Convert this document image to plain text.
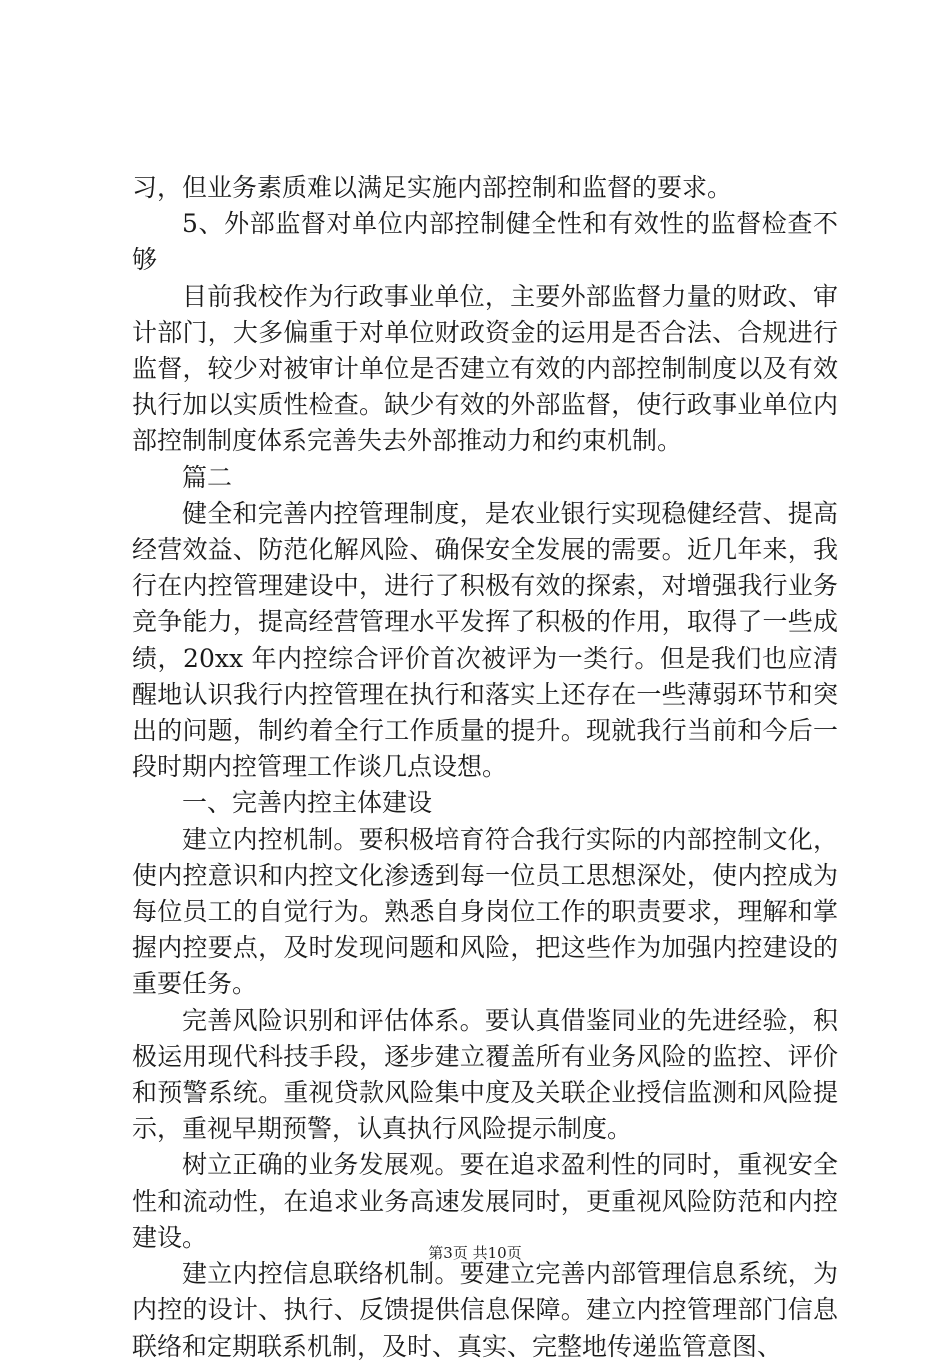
习，但业务素质难以满足实施内部控制和监督的要求。

5、外部监督对单位内部控制健全性和有效性的监督检查不够

目前我校作为行政事业单位，主要外部监督力量的财政、审计部门，大多偏重于对单位财政资金的运用是否合法、合规进行监督，较少对被审计单位是否建立有效的内部控制制度以及有效执行加以实质性检查。缺少有效的外部监督，使行政事业单位内部控制制度体系完善失去外部推动力和约束机制。

篇二

健全和完善内控管理制度，是农业银行实现稳健经营、提高经营效益、防范化解风险、确保安全发展的需要。近几年来，我行在内控管理建设中，进行了积极有效的探索，对增强我行业务竞争能力，提高经营管理水平发挥了积极的作用，取得了一些成绩，20xx 年内控综合评价首次被评为一类行。但是我们也应清醒地认识我行内控管理在执行和落实上还存在一些薄弱环节和突出的问题，制约着全行工作质量的提升。现就我行当前和今后一段时期内控管理工作谈几点设想。

一、完善内控主体建设

建立内控机制。要积极培育符合我行实际的内部控制文化，使内控意识和内控文化渗透到每一位员工思想深处，使内控成为每位员工的自觉行为。熟悉自身岗位工作的职责要求，理解和掌握内控要点，及时发现问题和风险，把这些作为加强内控建设的重要任务。

完善风险识别和评估体系。要认真借鉴同业的先进经验，积极运用现代科技手段，逐步建立覆盖所有业务风险的监控、评价和预警系统。重视贷款风险集中度及关联企业授信监测和风险提示，重视早期预警，认真执行风险提示制度。

树立正确的业务发展观。要在追求盈利性的同时，重视安全性和流动性，在追求业务高速发展同时，更重视风险防范和内控建设。

建立内控信息联络机制。要建立完善内部管理信息系统，为内控的设计、执行、反馈提供信息保障。建立内控管理部门信息联络和定期联系机制，及时、真实、完整地传递监管意图、

第3页 共10页
